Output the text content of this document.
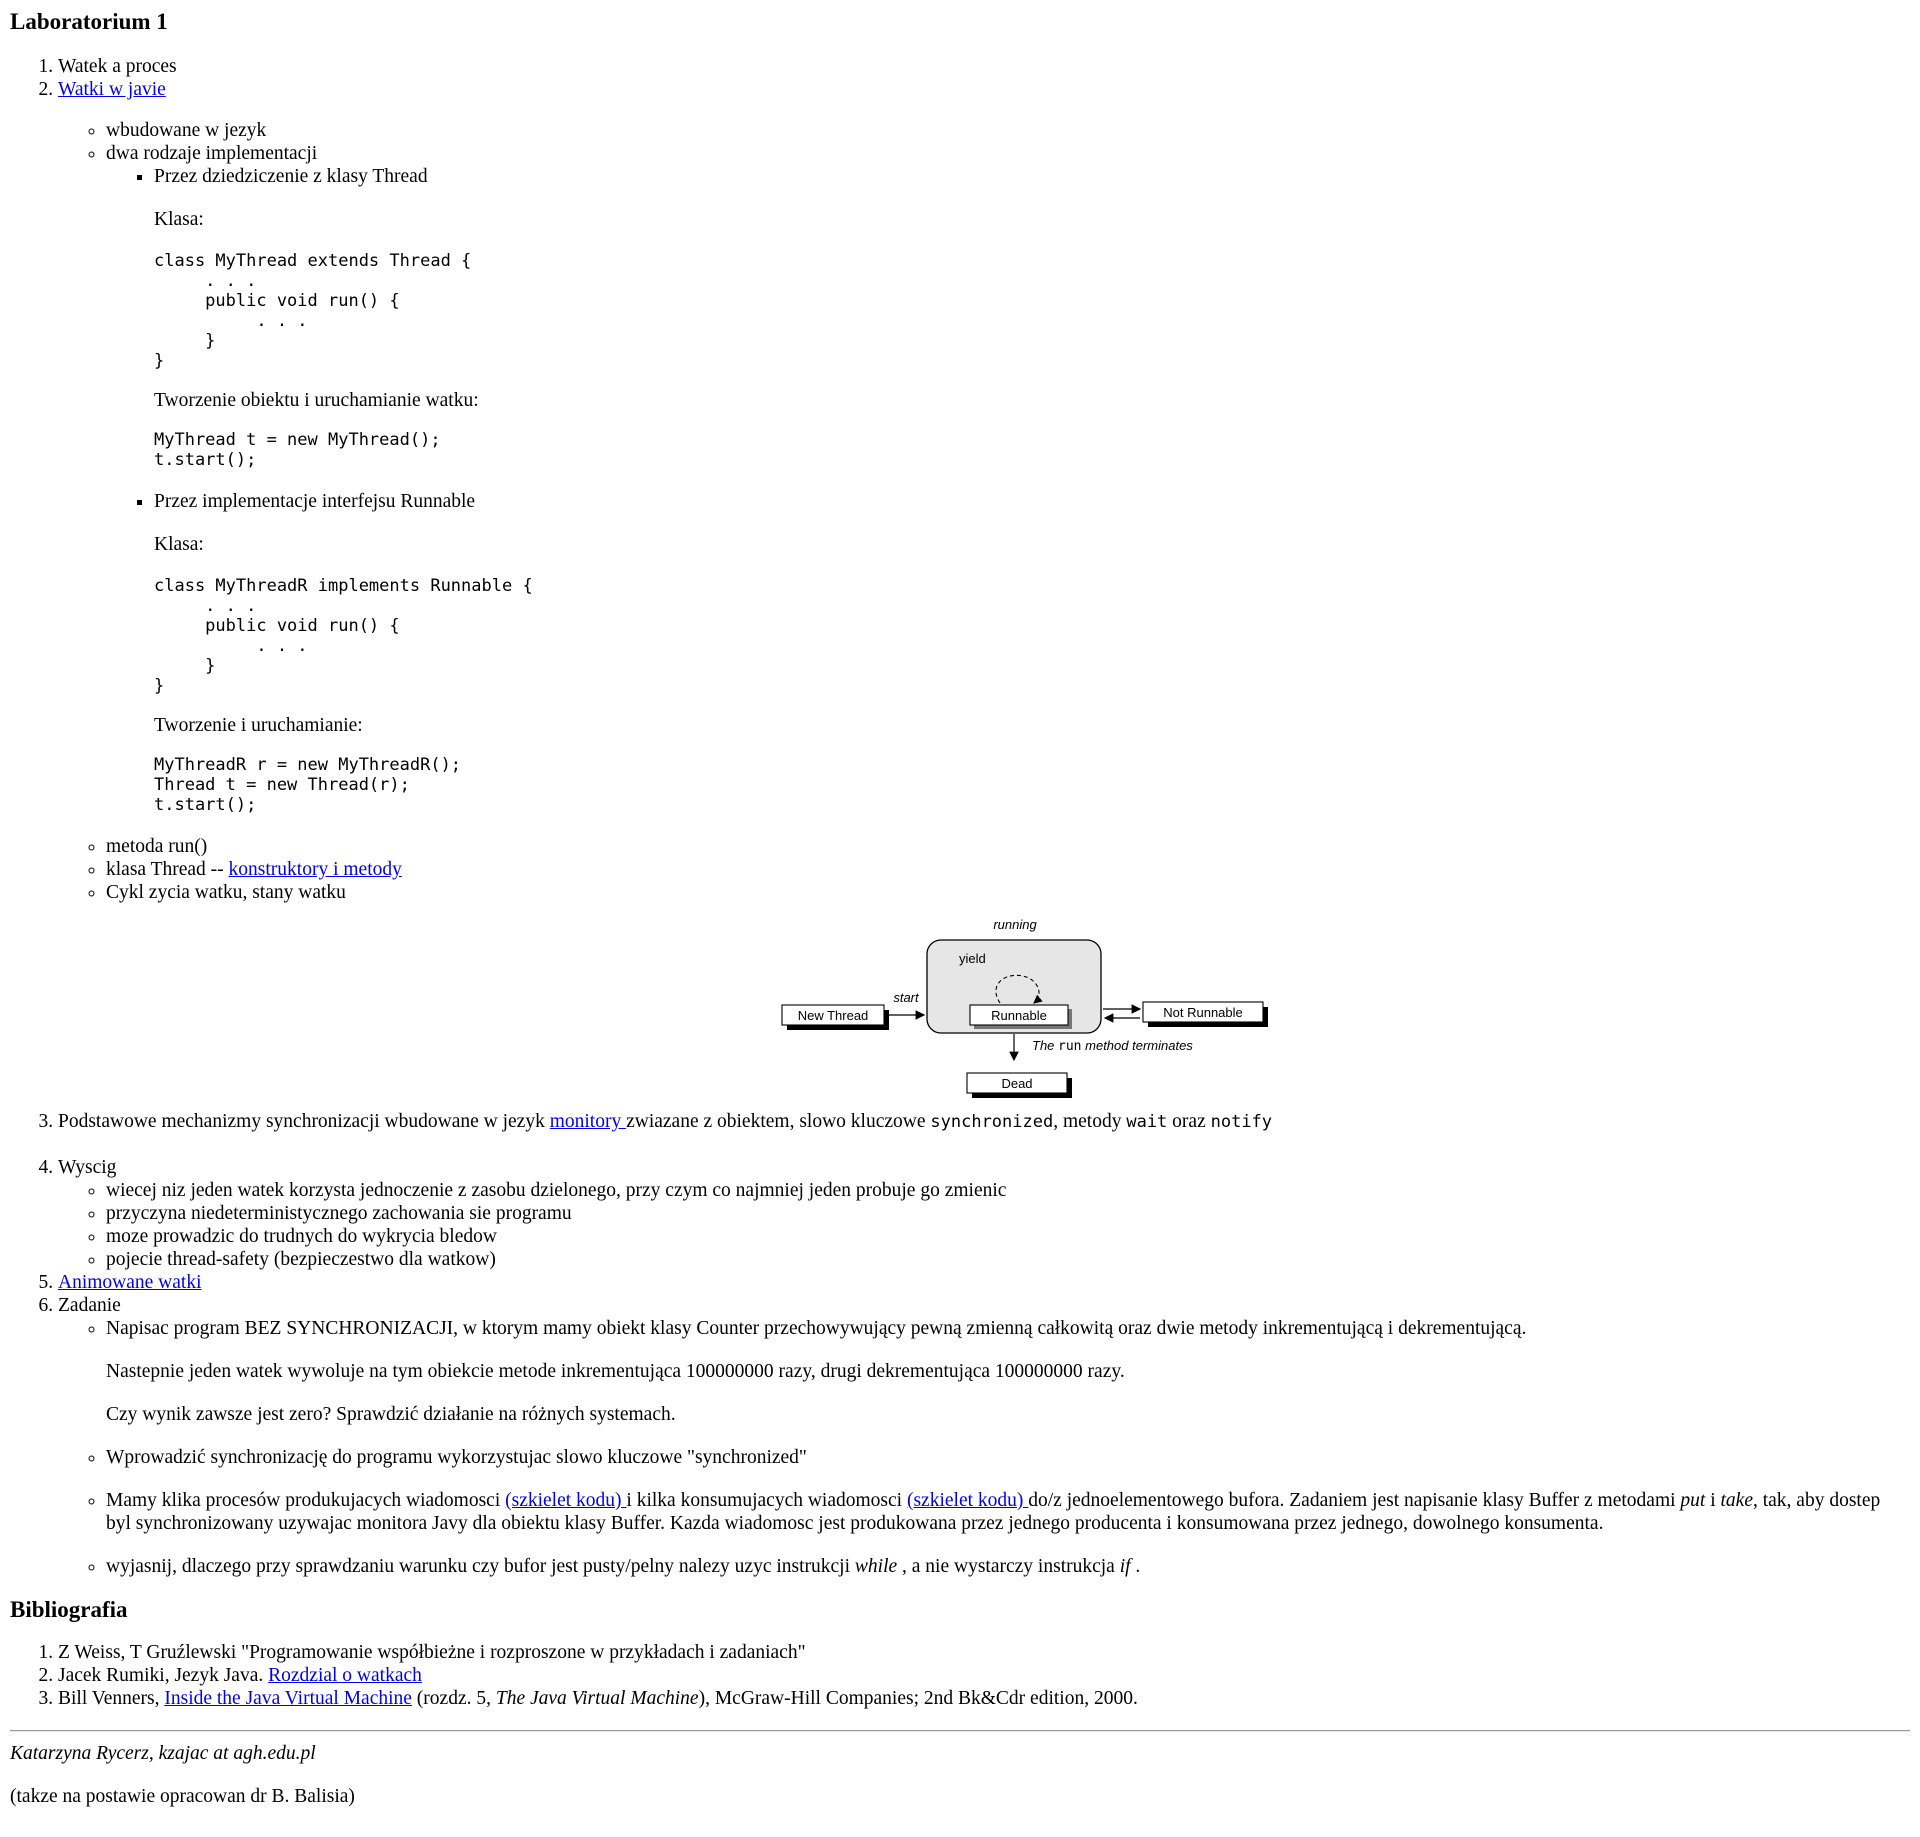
Laboratorium 1
1. Watek a proces
2. Watki w javie
◦ wbudowane w jezyk
◦ dwa rodzaje implementacji
▪ Przez dziedziczenie z klasy Thread

Klasa:

class MyThread extends Thread {
. . .
public void run() {
. . .
}
}

Tworzenie obiektu i uruchamianie watku:

MyThread t = new MyThread();
t.start();
▪ Przez implementacje interfejsu Runnable

Klasa:

class MyThreadR implements Runnable {
. . .
public void run() {
. . .
}
}

Tworzenie i uruchamianie:

MyThreadR r = new MyThreadR();
Thread t = new Thread(r);
t.start();
◦ metoda run()
◦ klasa Thread -- konstruktory i metody
◦ Cykl zycia watku, stany watku
running
yield
Runnable
New Thread
start
Not Runnable
The run method terminates
Dead
3. Podstawowe mechanizmy synchronizacji wbudowane w jezyk monitory zwiazane z obiektem, slowo kluczowe synchronized, metody wait oraz notify
4. Wyscig
◦ wiecej niz jeden watek korzysta jednoczenie z zasobu dzielonego, przy czym co najmniej jeden probuje go zmienic
◦ przyczyna niedeterministycznego zachowania sie programu
◦ moze prowadzic do trudnych do wykrycia bledow
◦ pojecie thread-safety (bezpieczestwo dla watkow)
5. Animowane watki
6. Zadanie
◦ Napisac program BEZ SYNCHRONIZACJI, w ktorym mamy obiekt klasy Counter przechowywujący pewną zmienną całkowitą oraz dwie metody inkrementującą i dekrementującą.

Nastepnie jeden watek wywoluje na tym obiekcie metode inkrementująca 100000000 razy, drugi dekrementująca 100000000 razy.

Czy wynik zawsze jest zero? Sprawdzić działanie na różnych systemach.

◦ Wprowadzić synchronizację do programu wykorzystujac slowo kluczowe "synchronized"
◦ Mamy klika procesów produkujacych wiadomosci (szkielet kodu) i kilka konsumujacych wiadomosci (szkielet kodu) do/z jednoelementowego bufora. Zadaniem jest napisanie klasy Buffer z metodami put i take, tak, aby dostep byl synchronizowany uzywajac monitora Javy dla obiektu klasy Buffer. Kazda wiadomosc jest produkowana przez jednego producenta i konsumowana przez jednego, dowolnego konsumenta.
◦ wyjasnij, dlaczego przy sprawdzaniu warunku czy bufor jest pusty/pelny nalezy uzyc instrukcji while , a nie wystarczy instrukcja if .
Bibliografia
1. Z Weiss, T Gruźlewski "Programowanie współbieżne i rozproszone w przykładach i zadaniach"
2. Jacek Rumiki, Jezyk Java. Rozdzial o watkach
3. Bill Venners, Inside the Java Virtual Machine (rozdz. 5, The Java Virtual Machine), McGraw-Hill Companies; 2nd Bk&Cdr edition, 2000.
Katarzyna Rycerz, kzajac at agh.edu.pl

(takze na postawie opracowan dr B. Balisia)
